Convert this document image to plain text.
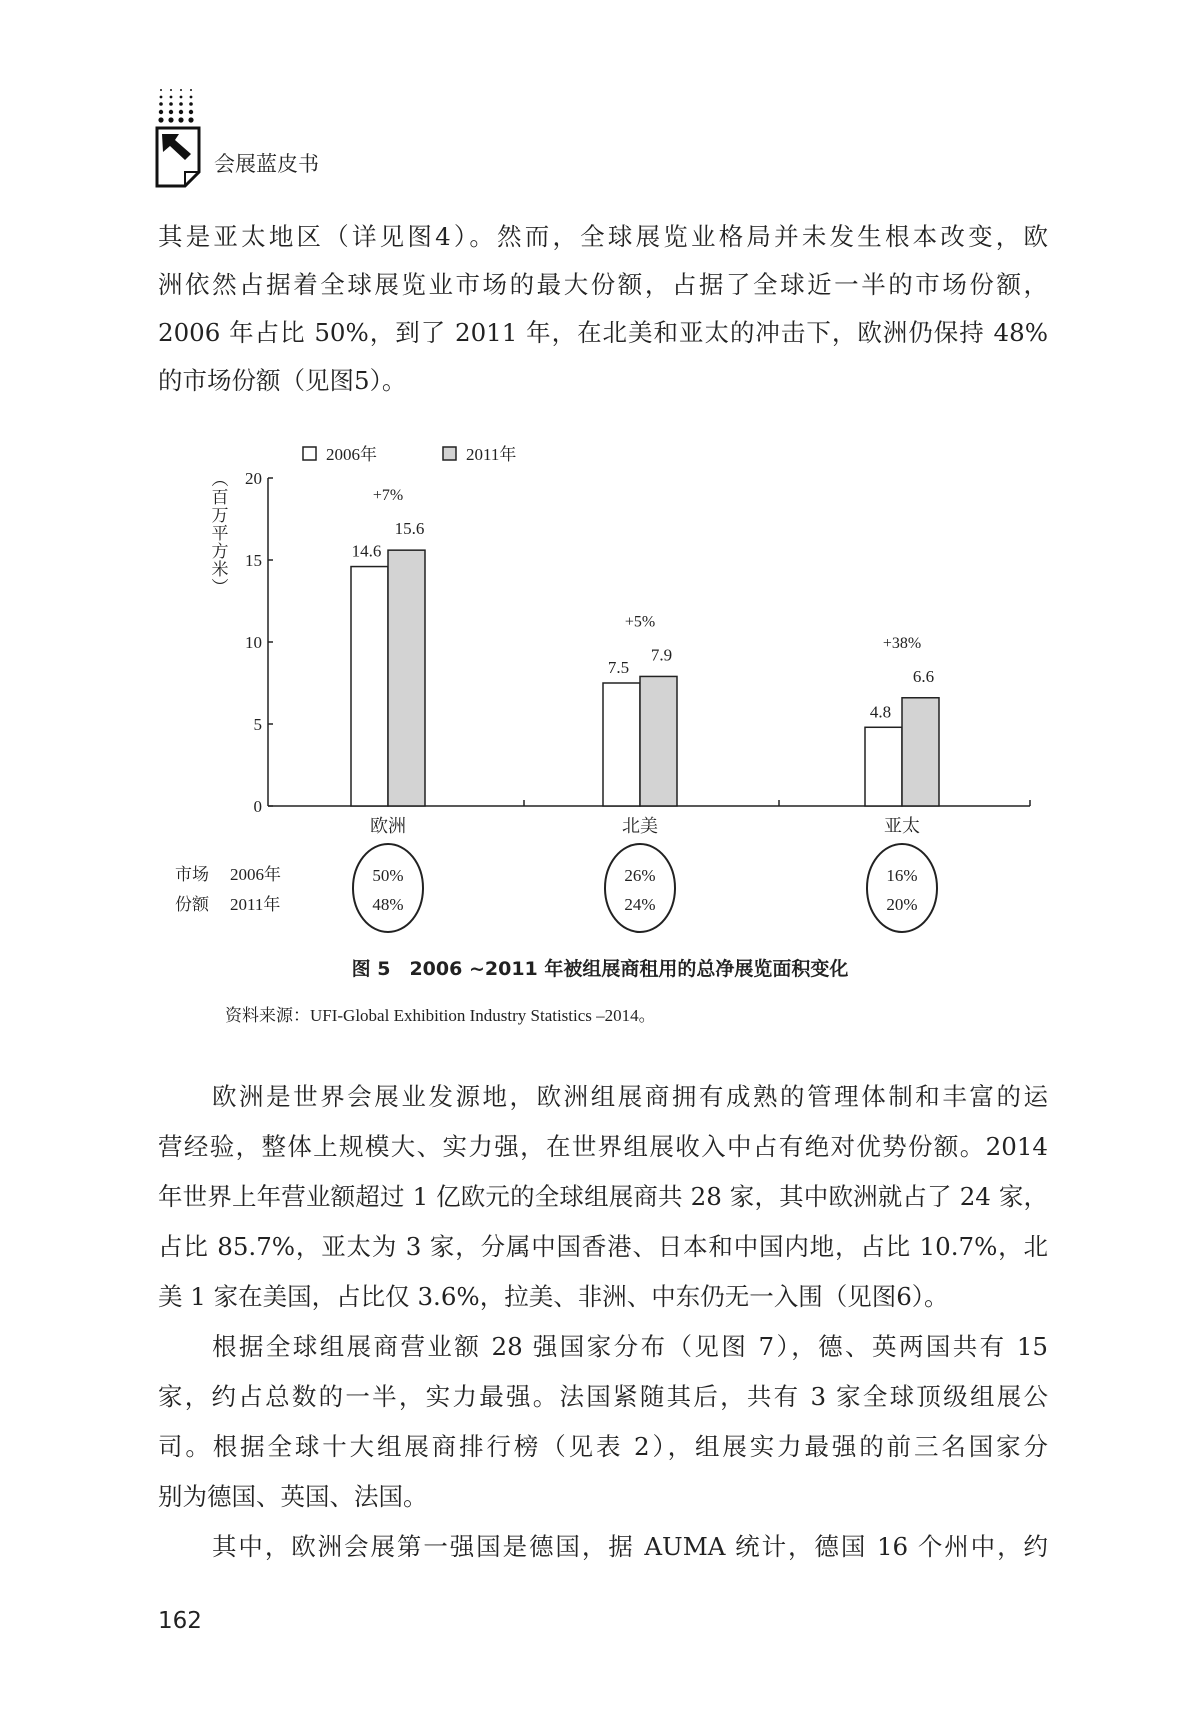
会展蓝皮书
其是亚太地区（详见图4）。然而，全球展览业格局并未发生根本改变，欧
洲依然占据着全球展览业市场的最大份额，占据了全球近一半的市场份额，
2006 年占比 50%，到了 2011 年，在北美和亚太的冲击下，欧洲仍保持 48%
的市场份额（见图5）。
2006年	2011年
（百万平方米）
0
5
10
15
20
14.6
15.6
+7%
欧洲
7.5
7.9
+5%
北美
4.8
6.6
+38%
亚太
市场 2006年
份额 2011年
50%
48%
26%
24%
16%
20%
图 5　2006 ~2011 年被组展商租用的总净展览面积变化
资料来源：UFI-Global Exhibition Industry Statistics –2014。
欧洲是世界会展业发源地，欧洲组展商拥有成熟的管理体制和丰富的运
营经验，整体上规模大、实力强，在世界组展收入中占有绝对优势份额。2014
年世界上年营业额超过 1 亿欧元的全球组展商共 28 家，其中欧洲就占了 24 家，
占比 85.7%，亚太为 3 家，分属中国香港、日本和中国内地，占比 10.7%，北
美 1 家在美国，占比仅 3.6%，拉美、非洲、中东仍无一入围（见图6）。
根据全球组展商营业额 28 强国家分布（见图 7），德、英两国共有 15
家，约占总数的一半，实力最强。法国紧随其后，共有 3 家全球顶级组展公
司。根据全球十大组展商排行榜（见表 2），组展实力最强的前三名国家分
别为德国、英国、法国。
其中，欧洲会展第一强国是德国，据 AUMA 统计，德国 16 个州中，约
162
